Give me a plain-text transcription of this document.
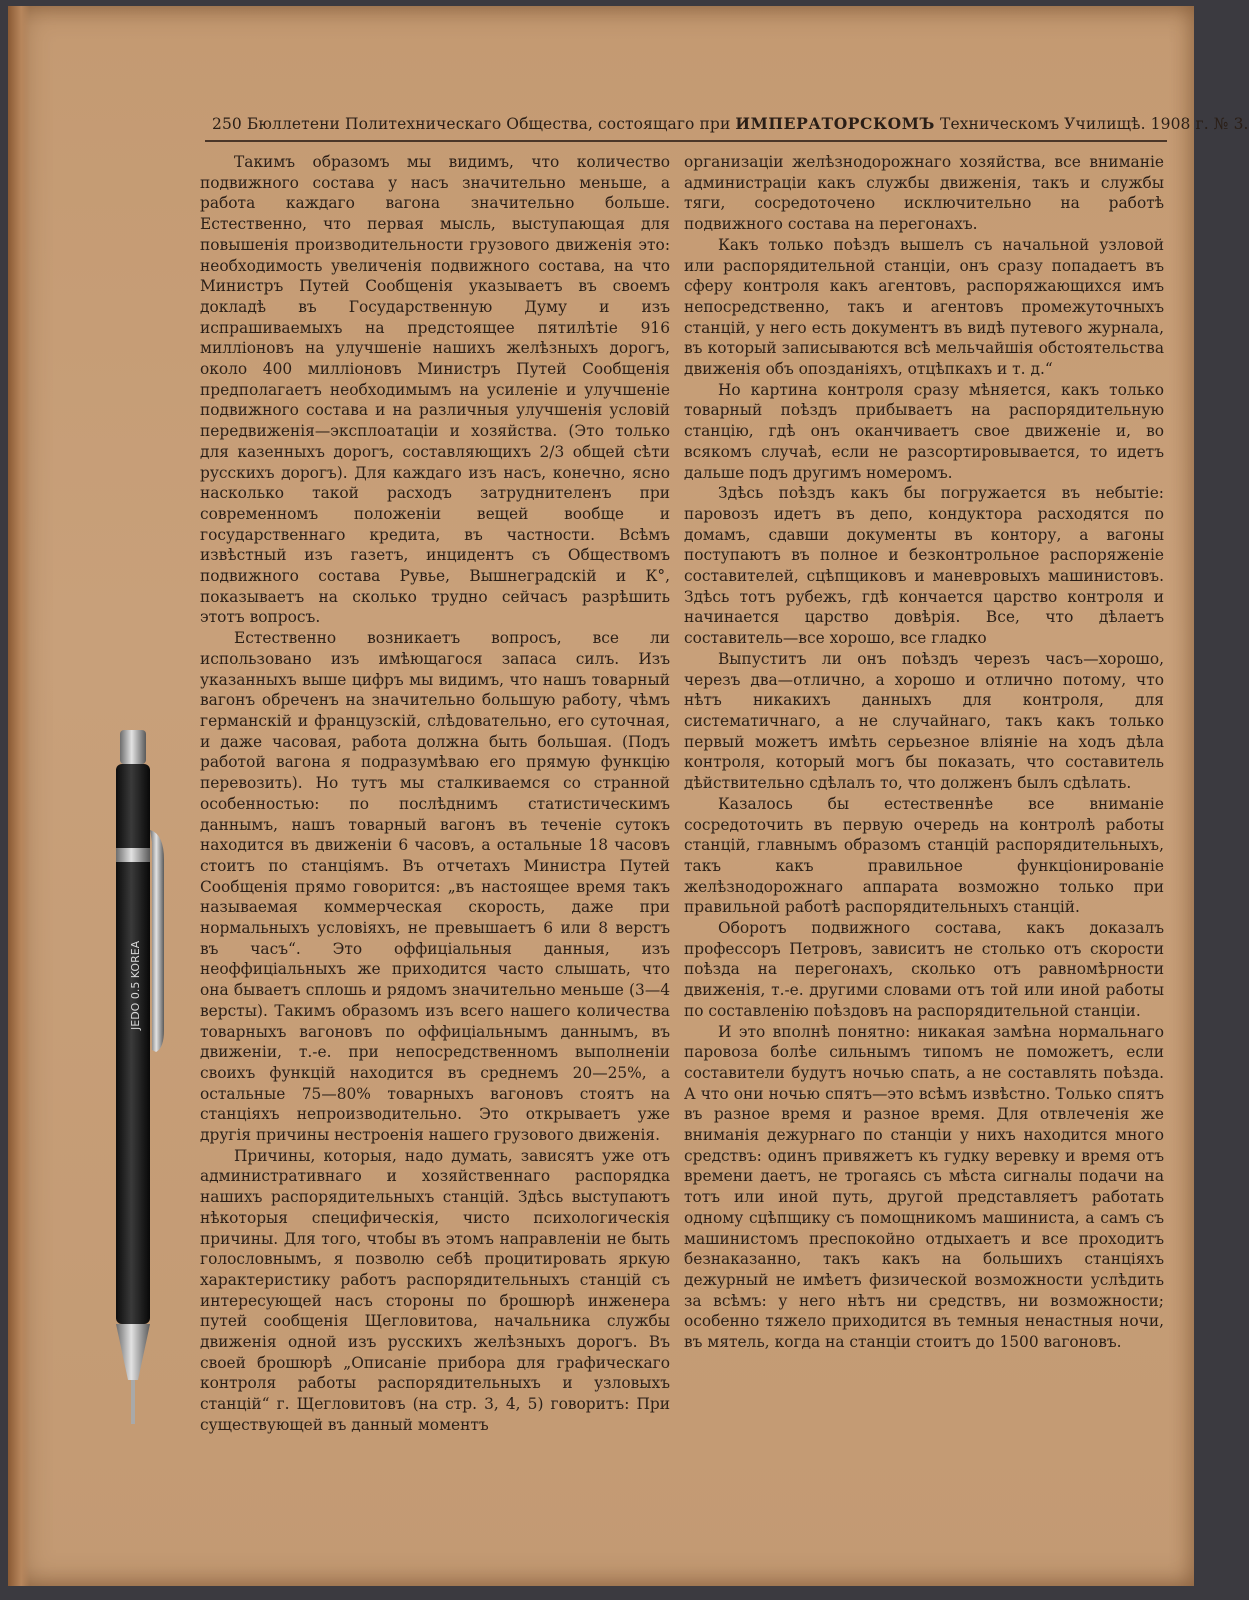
250 Бюллетени Политехническаго Общества, состоящаго при ИМПЕРАТОРСКОМЪ Техническомъ Училищѣ. 1908 г. № 3.

Такимъ образомъ мы видимъ, что количество подвижного состава у насъ значительно меньше, а работа каждаго вагона значительно больше. Естественно, что первая мысль, выступающая для повышенія производительности грузового движенія это: необходимость увеличенія подвижного состава, на что Министръ Путей Сообщенія указываетъ въ своемъ докладѣ въ Государственную Думу и изъ испрашиваемыхъ на предстоящее пятилѣтіе 916 милліоновъ на улучшеніе нашихъ желѣзныхъ дорогъ, около 400 милліоновъ Министръ Путей Сообщенія предполагаетъ необходимымъ на усиленіе и улучшеніе подвижного состава и на различныя улучшенія условій передвиженія—эксплоатаціи и хозяйства. (Это только для казенныхъ дорогъ, составляющихъ 2/3 общей сѣти русскихъ дорогъ). Для каждаго изъ насъ, конечно, ясно насколько такой расходъ затруднителенъ при современномъ положеніи вещей вообще и государственнаго кредита, въ частности. Всѣмъ извѣстный изъ газетъ, инцидентъ съ Обществомъ подвижного состава Рувье, Вышнеградскій и К°, показываетъ на сколько трудно сейчасъ разрѣшить этотъ вопросъ.

Естественно возникаетъ вопросъ, все ли использовано изъ имѣющагося запаса силъ. Изъ указанныхъ выше цифръ мы видимъ, что нашъ товарный вагонъ обреченъ на значительно большую работу, чѣмъ германскій и французскій, слѣдовательно, его суточная, и даже часовая, работа должна быть большая. (Подъ работой вагона я подразумѣваю его прямую функцію перевозить). Но тутъ мы сталкиваемся со странной особенностью: по послѣднимъ статистическимъ даннымъ, нашъ товарный вагонъ въ теченіе сутокъ находится въ движеніи 6 часовъ, а остальные 18 часовъ стоитъ по станціямъ. Въ отчетахъ Министра Путей Сообщенія прямо говорится: „въ настоящее время такъ называемая коммерческая скорость, даже при нормальныхъ условіяхъ, не превышаетъ 6 или 8 верстъ въ часъ“. Это оффиціальныя данныя, изъ неоффиціальныхъ же приходится часто слышать, что она бываетъ сплошь и рядомъ значительно меньше (3—4 версты). Такимъ образомъ изъ всего нашего количества товарныхъ вагоновъ по оффиціальнымъ даннымъ, въ движеніи, т.-е. при непосредственномъ выполненіи своихъ функцій находится въ среднемъ 20—25%, а остальные 75—80% товарныхъ вагоновъ стоятъ на станціяхъ непроизводительно. Это открываетъ уже другія причины нестроенія нашего грузового движенія.

Причины, которыя, надо думать, зависятъ уже отъ административнаго и хозяйственнаго распорядка нашихъ распорядительныхъ станцій. Здѣсь выступаютъ нѣкоторыя специфическія, чисто психологическія причины. Для того, чтобы въ этомъ направленіи не быть голословнымъ, я позволю себѣ процитировать яркую характеристику работъ распорядительныхъ станцій съ интересующей насъ стороны по брошюрѣ инженера путей сообщенія Щегловитова, начальника службы движенія одной изъ русскихъ желѣзныхъ дорогъ. Въ своей брошюрѣ „Описаніе прибора для графическаго контроля работы распорядительныхъ и узловыхъ станцій“ г. Щегловитовъ (на стр. 3, 4, 5) говоритъ: При существующей въ данный моментъ

организаціи желѣзнодорожнаго хозяйства, все вниманіе администраціи какъ службы движенія, такъ и службы тяги, сосредоточено исключительно на работѣ подвижного состава на перегонахъ.

Какъ только поѣздъ вышелъ съ начальной узловой или распорядительной станціи, онъ сразу попадаетъ въ сферу контроля какъ агентовъ, распоряжающихся имъ непосредственно, такъ и агентовъ промежуточныхъ станцій, у него есть документъ въ видѣ путевого журнала, въ который записываются всѣ мельчайшія обстоятельства движенія объ опозданіяхъ, отцѣпкахъ и т. д.“

Но картина контроля сразу мѣняется, какъ только товарный поѣздъ прибываетъ на распорядительную станцію, гдѣ онъ оканчиваетъ свое движеніе и, во всякомъ случаѣ, если не разсортировывается, то идетъ дальше подъ другимъ номеромъ.

Здѣсь поѣздъ какъ бы погружается въ небытіе: паровозъ идетъ въ депо, кондуктора расходятся по домамъ, сдавши документы въ контору, а вагоны поступаютъ въ полное и безконтрольное распоряженіе составителей, сцѣпщиковъ и маневровыхъ машинистовъ. Здѣсь тотъ рубежъ, гдѣ кончается царство контроля и начинается царство довѣрія. Все, что дѣлаетъ составитель—все хорошо, все гладко

Выпуститъ ли онъ поѣздъ черезъ часъ—хорошо, черезъ два—отлично, а хорошо и отлично потому, что нѣтъ никакихъ данныхъ для контроля, для систематичнаго, а не случайнаго, такъ какъ только первый можетъ имѣть серьезное вліяніе на ходъ дѣла контроля, который могъ бы показать, что составитель дѣйствительно сдѣлалъ то, что долженъ былъ сдѣлать.

Казалось бы естественнѣе все вниманіе сосредоточить въ первую очередь на контролѣ работы станцій, главнымъ образомъ станцій распорядительныхъ, такъ какъ правильное функціонированіе желѣзнодорожнаго аппарата возможно только при правильной работѣ распорядительныхъ станцій.

Оборотъ подвижного состава, какъ доказалъ профессоръ Петровъ, зависитъ не столько отъ скорости поѣзда на перегонахъ, сколько отъ равномѣрности движенія, т.-е. другими словами отъ той или иной работы по составленію поѣздовъ на распорядительной станціи.

И это вполнѣ понятно: никакая замѣна нормальнаго паровоза болѣе сильнымъ типомъ не поможетъ, если составители будутъ ночью спать, а не составлять поѣзда. А что они ночью спятъ—это всѣмъ извѣстно. Только спятъ въ разное время и разное время. Для отвлеченія же вниманія дежурнаго по станціи у нихъ находится много средствъ: одинъ привяжетъ къ гудку веревку и время отъ времени даетъ, не трогаясь съ мѣста сигналы подачи на тотъ или иной путь, другой представляетъ работать одному сцѣпщику съ помощникомъ машиниста, а самъ съ машинистомъ преспокойно отдыхаетъ и все проходитъ безнаказанно, такъ какъ на большихъ станціяхъ дежурный не имѣетъ физической возможности услѣдить за всѣмъ: у него нѣтъ ни средствъ, ни возможности; особенно тяжело приходится въ темныя ненастныя ночи, въ мятель, когда на станціи стоитъ до 1500 вагоновъ.

JEDO 0.5 KOREA
